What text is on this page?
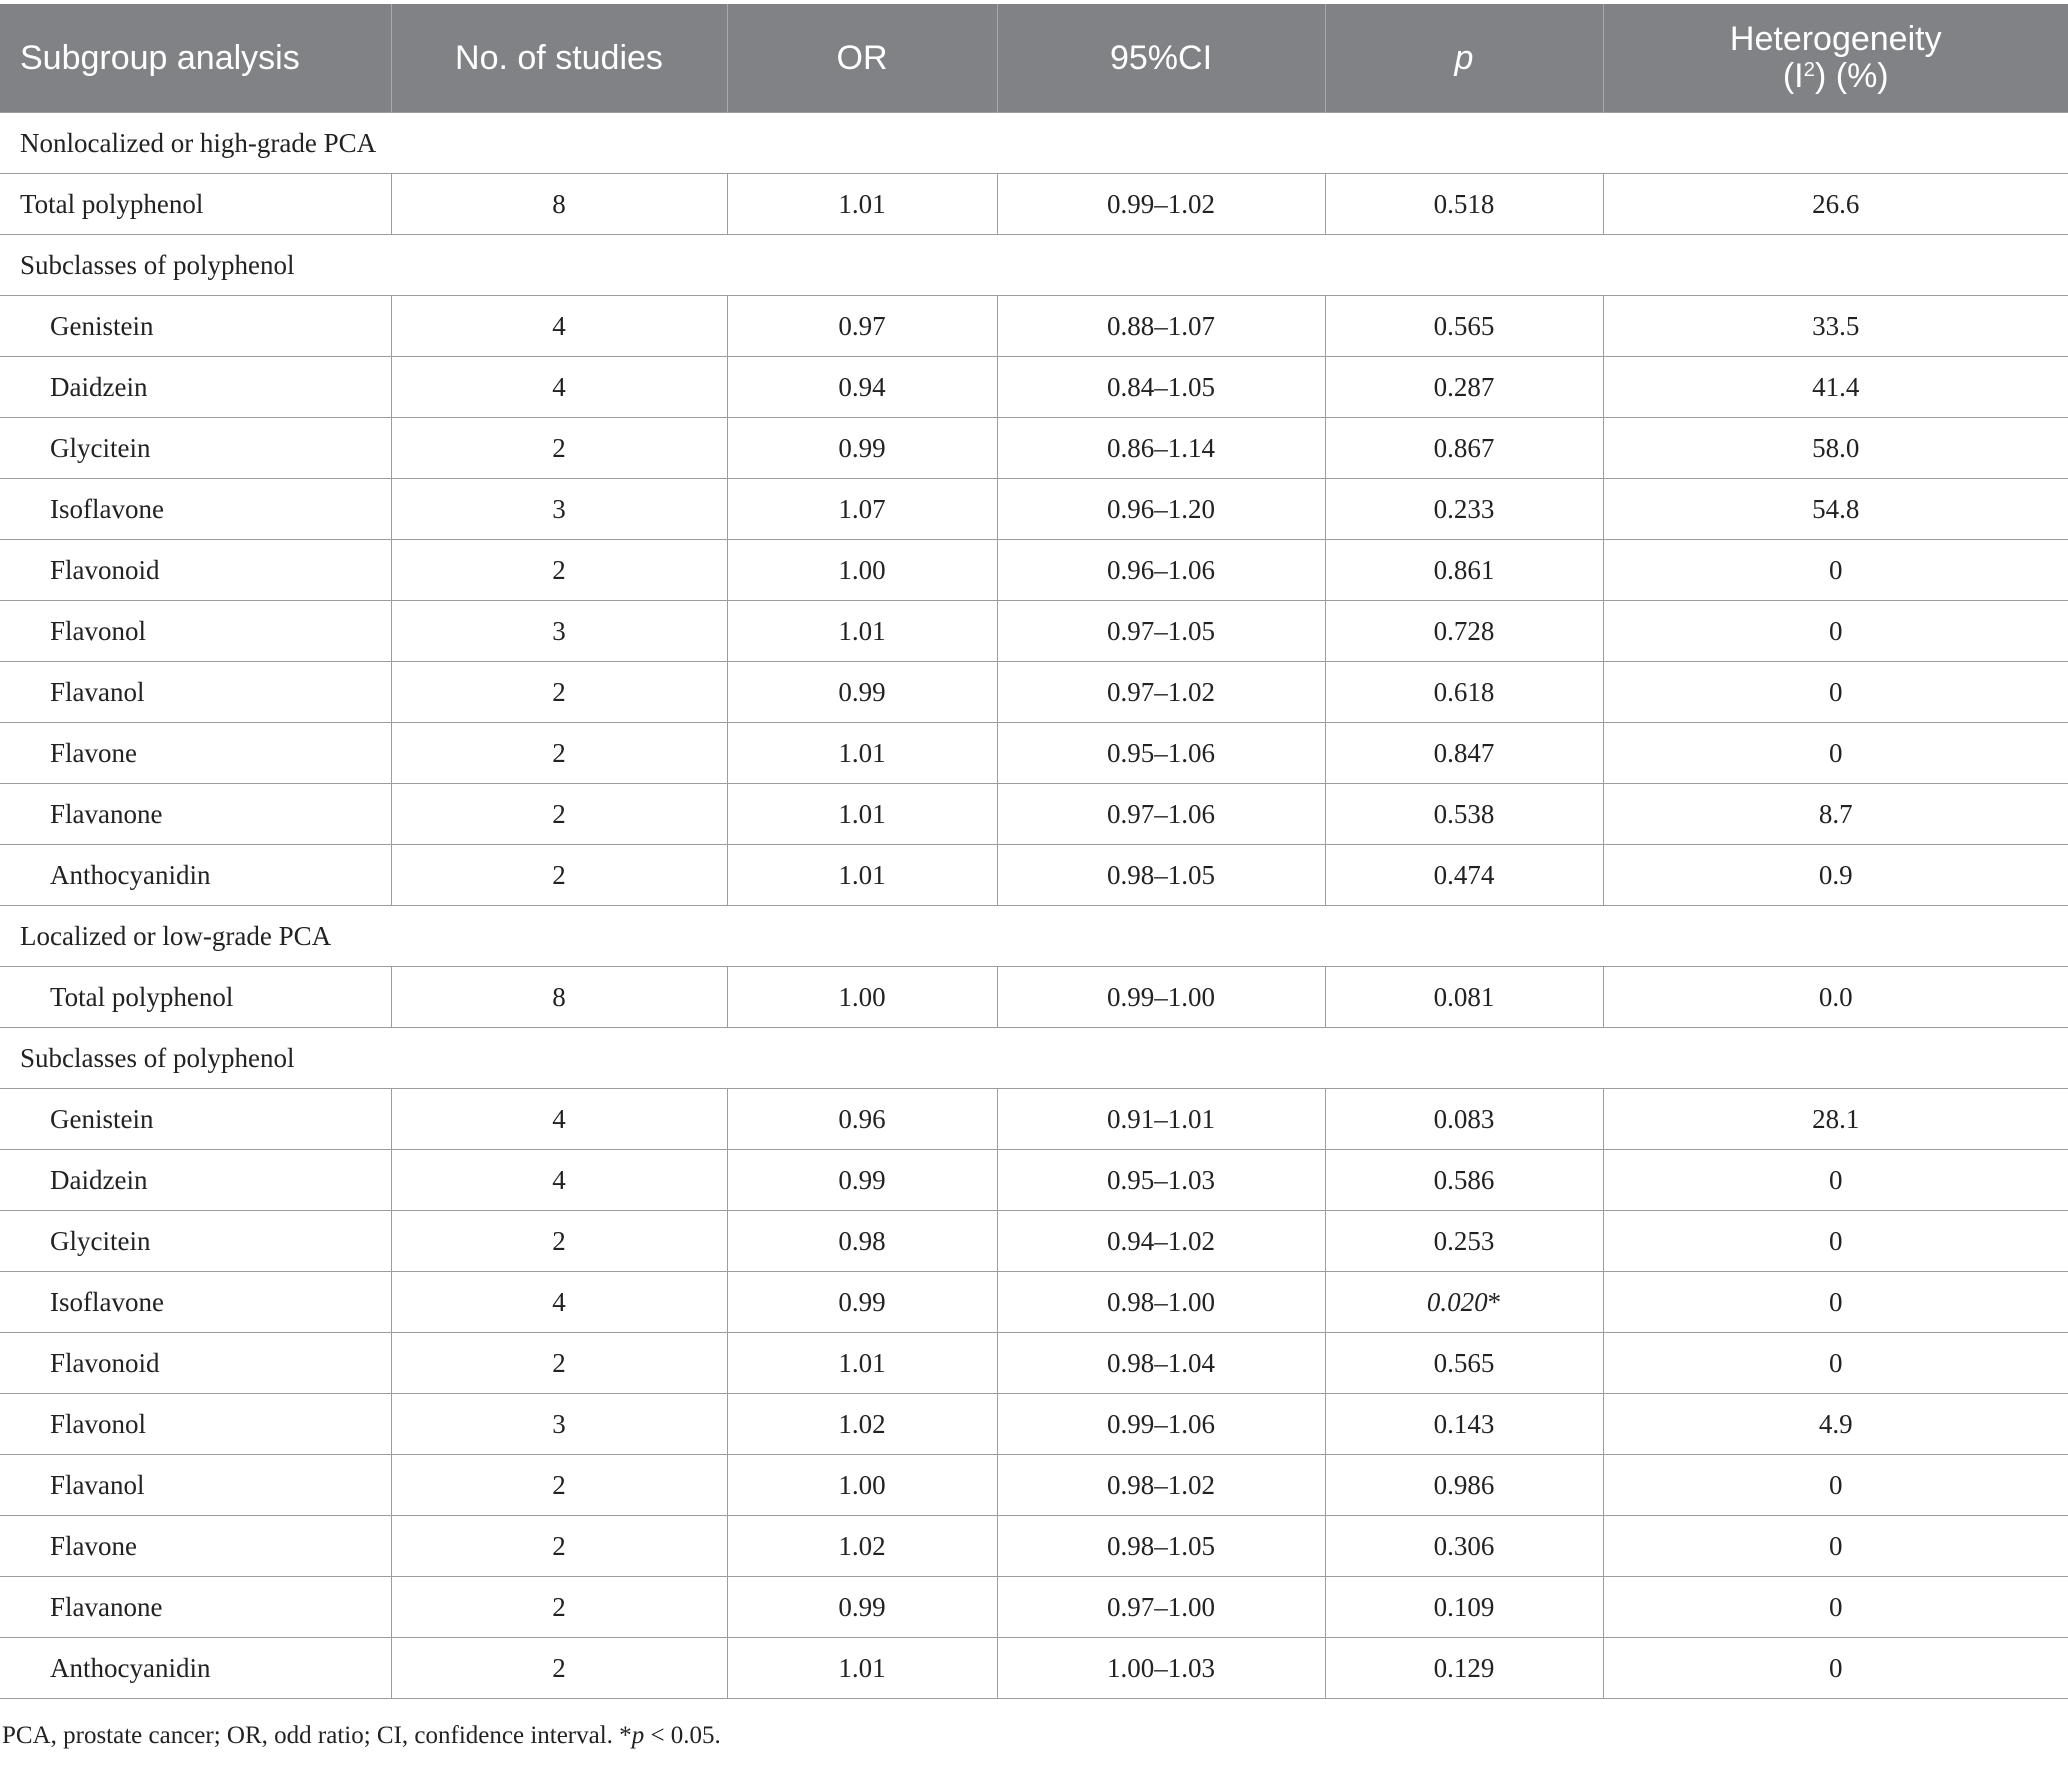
Subgroup analysis	No. of studies	OR	95%CI	p	Heterogeneity
$(I^2)$ (%)
Nonlocalized or high-grade PCA					
Total polyphenol	8	1.01	0.99–1.02	0.518	26.6
Subclasses of polyphenol					
Genistein	4	0.97	0.88–1.07	0.565	33.5
Daidzein	4	0.94	0.84–1.05	0.287	41.4
Glycitein	2	0.99	0.86–1.14	0.867	58.0
Isoflavone	3	1.07	0.96–1.20	0.233	54.8
Flavonoid	2	1.00	0.96–1.06	0.861	0
Flavonol	3	1.01	0.97–1.05	0.728	0
Flavanol	2	0.99	0.97–1.02	0.618	0
Flavone	2	1.01	0.95–1.06	0.847	0
Flavanone	2	1.01	0.97–1.06	0.538	8.7
Anthocyanidin	2	1.01	0.98–1.05	0.474	0.9
Localized or low-grade PCA					
Total polyphenol	8	1.00	0.99–1.00	0.081	0.0
Subclasses of polyphenol					
Genistein	4	0.96	0.91–1.01	0.083	28.1
Daidzein	4	0.99	0.95–1.03	0.586	0
Glycitein	2	0.98	0.94–1.02	0.253	0
Isoflavone	4	0.99	0.98–1.00	0.020*	0
Flavonoid	2	1.01	0.98–1.04	0.565	0
Flavonol	3	1.02	0.99–1.06	0.143	4.9
Flavanol	2	1.00	0.98–1.02	0.986	0
Flavone	2	1.02	0.98–1.05	0.306	0
Flavanone	2	0.99	0.97–1.00	0.109	0
Anthocyanidin	2	1.01	1.00–1.03	0.129	0
PCA, prostate cancer; OR, odd ratio; CI, confidence interval. *p < 0.05.
